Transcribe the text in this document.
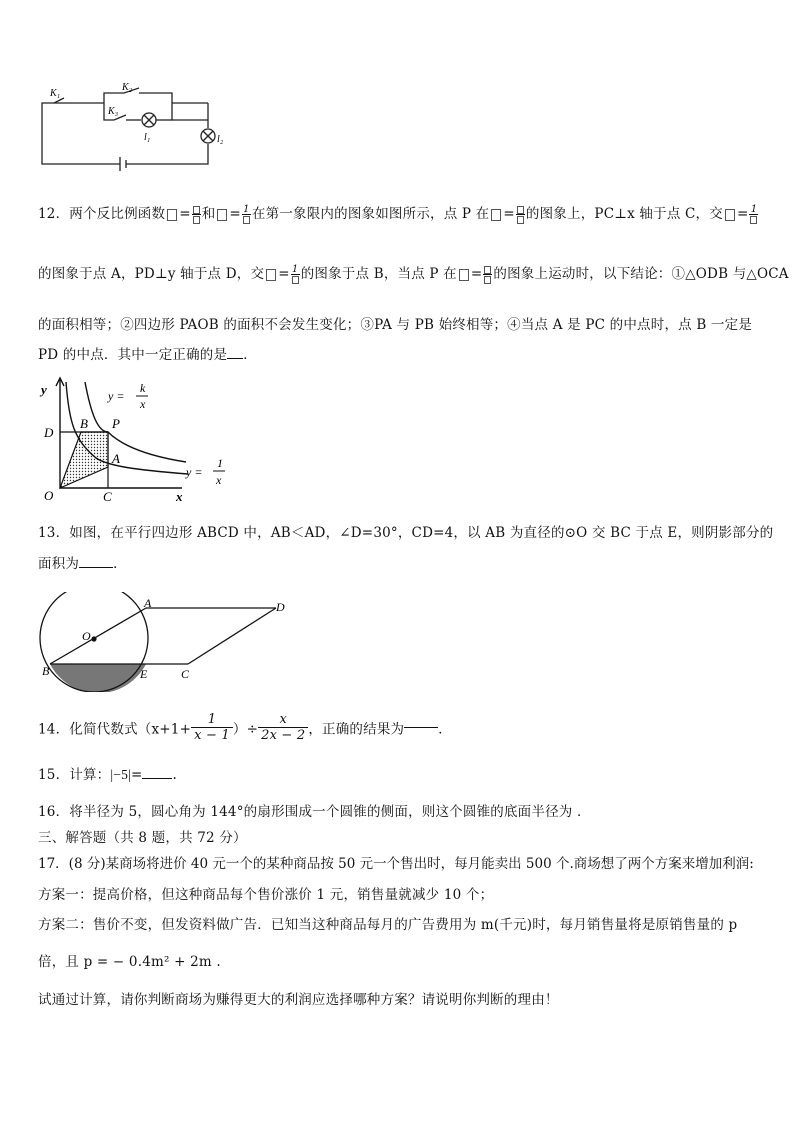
K₁
K₂
K₃
l₁	l₂
12．两个反比例函数 = 和 = 1 在第一象限内的图象如图所示，点 P 在 = 的图象上，PC⊥x 轴于点 C，交 = 1
的图象于点 A，PD⊥y 轴于点 D，交 = 1 的图象于点 B，当点 P 在 = 的图象上运动时，以下结论：①△ODB 与△OCA
的面积相等；②四边形 PAOB 的面积不会发生变化；③PA 与 PB 始终相等；④当点 A 是 PC 的中点时，点 B 一定是
PD 的中点．其中一定正确的是 ．
y
x
O
D
B P
A
C
y =
k
x
y =
1
x
13．如图，在平行四边形 ABCD 中，AB＜AD，∠D=30°，CD=4，以 AB 为直径的⊙O 交 BC 于点 E，则阴影部分的
面积为	．
A	D
O
B	E	C
14．化简代数式（$x+1+ \frac{1}{x - 1}$ ）÷ $\frac{x}{2x - 2}$ ，正确的结果为	．
15．计算：|−5|= .
16．将半径为 5，圆心角为 144°的扇形围成一个圆锥的侧面，则这个圆锥的底面半径为 ．
三、解答题（共 8 题，共 72 分）
17．(8 分)某商场将进价 40 元一个的某种商品按 50 元一个售出时，每月能卖出 500 个.商场想了两个方案来增加利润:
方案一：提高价格，但这种商品每个售价涨价 1 元，销售量就减少 10 个；
方案二：售价不变，但发资料做广告．已知当这种商品每月的广告费用为 m(千元)时，每月销售量将是原销售量的 p
倍，且 p = − 0.4m² + 2m .
试通过计算，请你判断商场为赚得更大的利润应选择哪种方案？请说明你判断的理由！
